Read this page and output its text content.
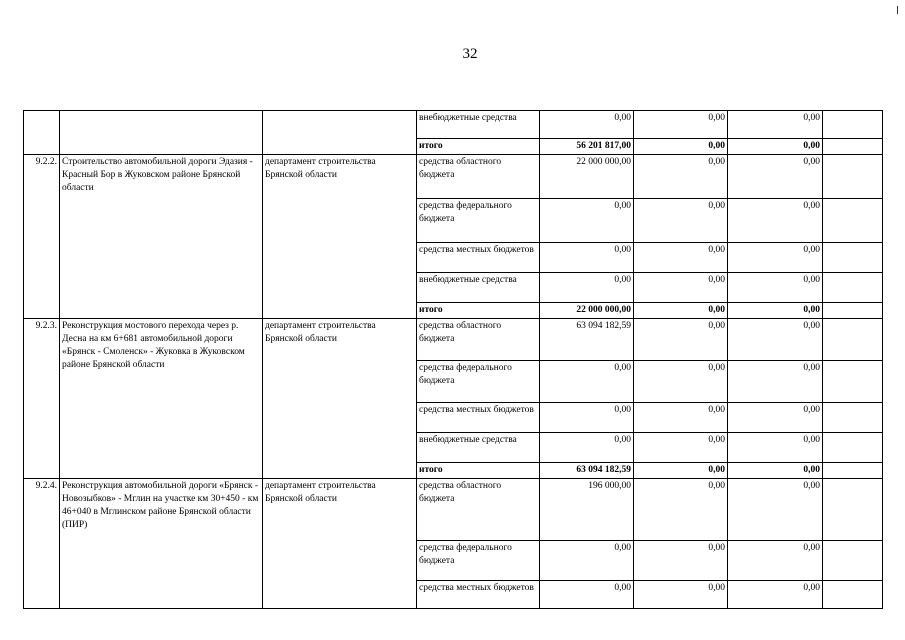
32
			внебюджетные средства	0,00	0,00	0,00	
			итого	56 201 817,00	0,00	0,00	
9.2.2.	Строительство автомобильной дороги Эдазия - Красный Бор в Жуковском районе Брянской области	департамент строительства Брянской области	средства областного бюджета	22 000 000,00	0,00	0,00	
			средства федерального бюджета	0,00	0,00	0,00	
			средства местных бюджетов	0,00	0,00	0,00	
			внебюджетные средства	0,00	0,00	0,00	
			итого	22 000 000,00	0,00	0,00	
9.2.3.	Реконструкция мостового перехода через р. Десна на км 6+681 автомобильной дороги «Брянск - Смоленск» - Жуковка в Жуковском районе Брянской области	департамент строительства Брянской области	средства областного бюджета	63 094 182,59	0,00	0,00	
			средства федерального бюджета	0,00	0,00	0,00	
			средства местных бюджетов	0,00	0,00	0,00	
			внебюджетные средства	0,00	0,00	0,00	
			итого	63 094 182,59	0,00	0,00	
9.2.4.	Реконструкция автомобильной дороги «Брянск - Новозыбков» - Мглин на участке км 30+450 - км 46+040 в Мглинском районе Брянской области (ПИР)	департамент строительства Брянской области	средства областного бюджета	196 000,00	0,00	0,00	
			средства федерального бюджета	0,00	0,00	0,00	
			средства местных бюджетов	0,00	0,00	0,00	
